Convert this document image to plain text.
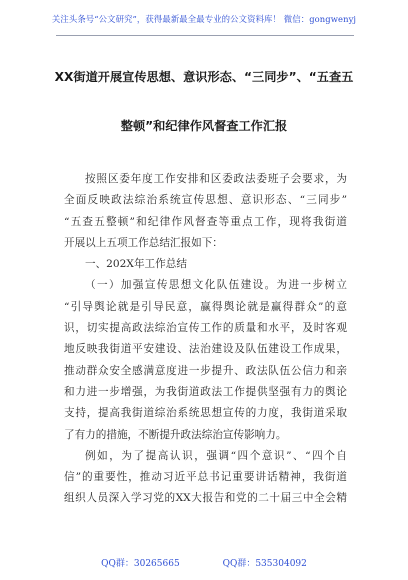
关注头条号“公文研究”，获得最新最全最专业的公文资料库！ 微信：gongwenyj
XX街道开展宣传思想、意识形态、“三同步”、“五查五
整顿”和纪律作风督查工作汇报
按照区委年度工作安排和区委政法委班子会要求，为
全面反映政法综治系统宣传思想、意识形态、“三同步”
“五查五整顿”和纪律作风督查等重点工作，现将我街道
开展以上五项工作总结汇报如下：
一、202X年工作总结
（一）加强宣传思想文化队伍建设。为进一步树立
“引导舆论就是引导民意，赢得舆论就是赢得群众”的意
识，切实提高政法综治宣传工作的质量和水平，及时客观
地反映我街道平安建设、法治建设及队伍建设工作成果，
推动群众安全感满意度进一步提升、政法队伍公信力和亲
和力进一步增强，为我街道政法工作提供坚强有力的舆论
支持，提高我街道综治系统思想宣传的力度，我街道采取
了有力的措施，不断提升政法综治宣传影响力。
例如，为了提高认识，强调“四个意识”、“四个自
信”的重要性，推动习近平总书记重要讲话精神，我街道
组织人员深入学习党的XX大报告和党的二十届三中全会精
QQ群：30265665	QQ群：535304092
